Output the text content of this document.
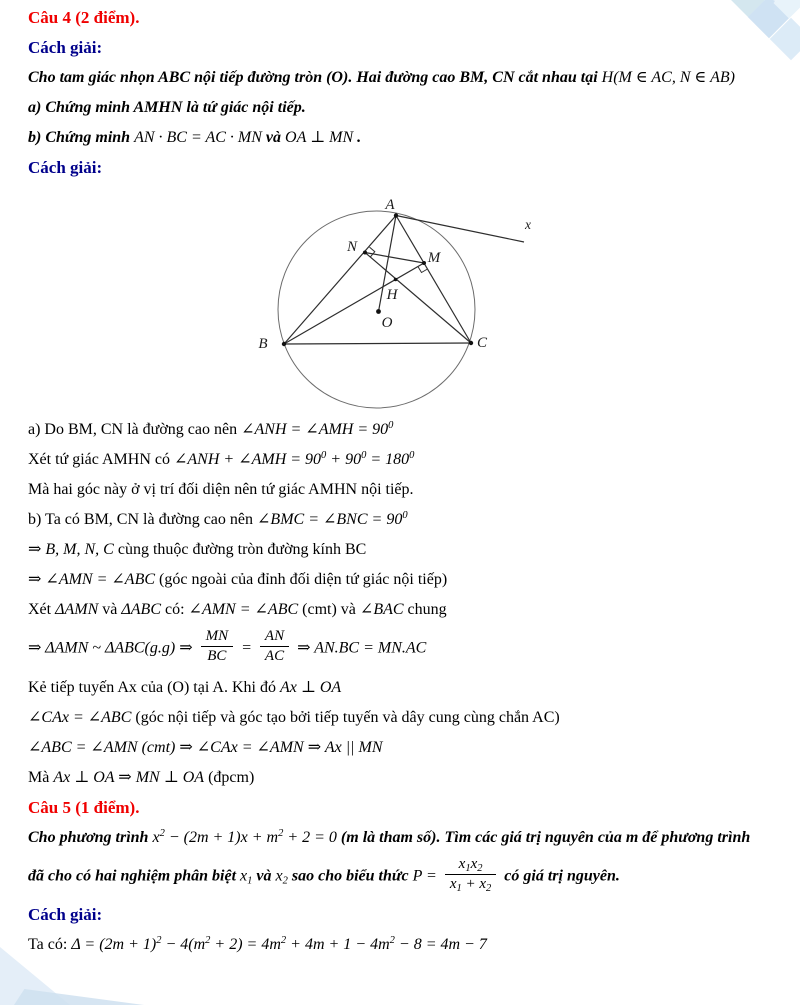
Câu 4 (2 điểm).

Cách giải:

Cho tam giác nhọn ABC nội tiếp đường tròn (O). Hai đường cao BM, CN cắt nhau tại H(M ∈ AC, N ∈ AB)

a) Chứng minh AMHN là tứ giác nội tiếp.

b) Chứng minh AN · BC = AC · MN và OA ⊥ MN .

Cách giải:

A
B	C
N
M
H
O
x

a) Do BM, CN là đường cao nên ∠ANH = ∠AMH = $90^0$

Xét tứ giác AMHN có ∠ANH + ∠AMH = $90^0 + 90^0 = 180^0$

Mà hai góc này ở vị trí đối diện nên tứ giác AMHN nội tiếp.

b) Ta có BM, CN là đường cao nên ∠BMC = ∠BNC = $90^0$

⇒ B, M, N, C cùng thuộc đường tròn đường kính BC

⇒ ∠AMN = ∠ABC (góc ngoài của đỉnh đối diện tứ giác nội tiếp)

Xét ΔAMN và ΔABC có: ∠AMN = ∠ABC (cmt) và ∠BAC chung

⇒ ΔAMN ~ ΔABC(g.g) ⇒ $\frac{MN}{BC} = \frac{AN}{AC}$ ⇒ AN.BC = MN.AC

Kẻ tiếp tuyến Ax của (O) tại A. Khi đó Ax ⊥ OA

∠CAx = ∠ABC (góc nội tiếp và góc tạo bởi tiếp tuyến và dây cung cùng chắn AC)

∠ABC = ∠AMN (cmt) ⇒ ∠CAx = ∠AMN ⇒ Ax || MN

Mà Ax ⊥ OA ⇒ MN ⊥ OA (đpcm)

Câu 5 (1 điểm).

Cho phương trình $x^2 - (2m + 1)x + m^2 + 2 = 0$ (m là tham số). Tìm các giá trị nguyên của m để phương trình

đã cho có hai nghiệm phân biệt $x_1$ và $x_2$ sao cho biểu thức $P = \frac{x_1x_2}{x_1 + x_2}$ có giá trị nguyên.

Cách giải:

Ta có: $\Delta = (2m + 1)^2 - 4(m^2 + 2) = 4m^2 + 4m + 1 - 4m^2 - 8 = 4m - 7$
